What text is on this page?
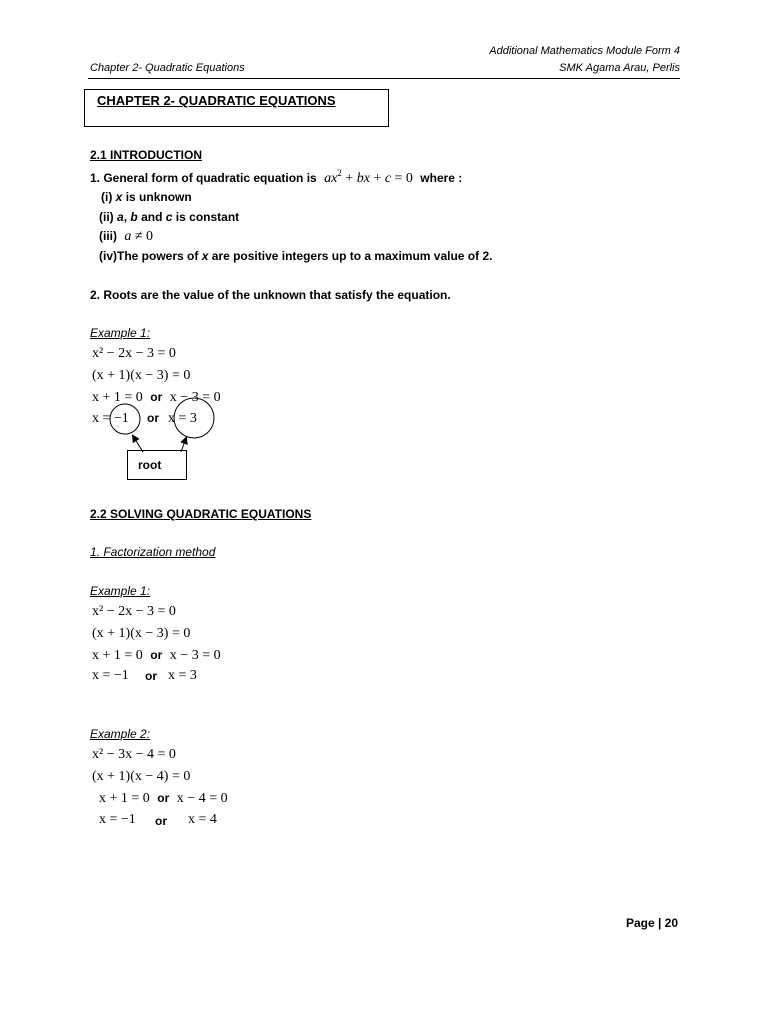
Additional Mathematics Module Form 4
Chapter 2- Quadratic Equations	SMK Agama Arau, Perlis
CHAPTER 2- QUADRATIC EQUATIONS
2.1 INTRODUCTION
1. General form of quadratic equation is $ax^2$ + bx + c = 0 where :
(i) x is unknown
(ii) a, b and c is constant
(iii) a ≠ 0
(iv)The powers of x are positive integers up to a maximum value of 2.
2. Roots are the value of the unknown that satisfy the equation.
Example 1:
x² − 2x − 3 = 0
(x + 1)(x − 3) = 0
x + 1 = 0 or x − 3 = 0
x = −1 or x = 3
root
2.2 SOLVING QUADRATIC EQUATIONS
1. Factorization method
Example 1:
x² − 2x − 3 = 0
(x + 1)(x − 3) = 0
x + 1 = 0 or x − 3 = 0
x = −1 or x = 3
Example 2:
x² − 3x − 4 = 0
(x + 1)(x − 4) = 0
x + 1 = 0 or x − 4 = 0
x = −1 or x = 4
Page | 20
